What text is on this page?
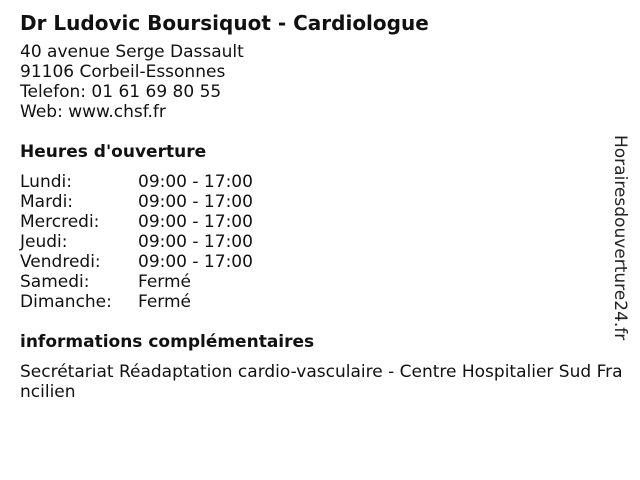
Dr Ludovic Boursiquot - Cardiologue
40 avenue Serge Dassault
91106 Corbeil-Essonnes
Telefon: 01 61 69 80 55
Web: www.chsf.fr
Heures d'ouverture
Lundi:	09:00 - 17:00
Mardi:	09:00 - 17:00
Mercredi:	09:00 - 17:00
Jeudi:	09:00 - 17:00
Vendredi:	09:00 - 17:00
Samedi:	Fermé
Dimanche:	Fermé
informations complémentaires
Secrétariat Réadaptation cardio-vasculaire - Centre Hospitalier Sud Francilien
Horairesdouverture24.fr
